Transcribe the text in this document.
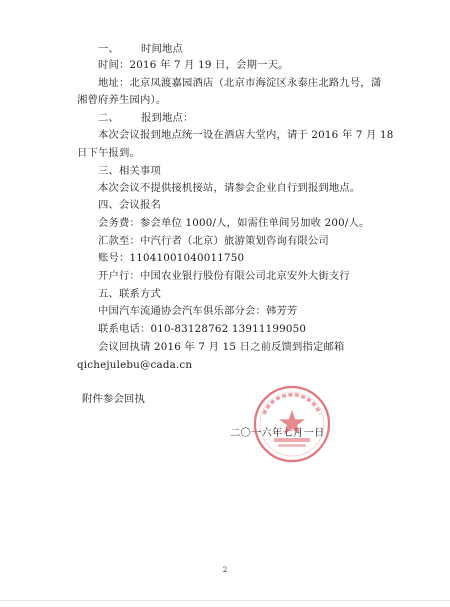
一、 时间地点

时间：2016 年 7 月 19 日，会期一天。

地址：北京凤渡嘉园酒店（北京市海淀区永泰庄北路九号，潇

湘曾府养生园内）。

二、 报到地点：

本次会议报到地点统一设在酒店大堂内，请于 2016 年 7 月 18

日下午报到。

三、相关事项

本次会议不提供接机接站，请参会企业自行到报到地点。

四、会议报名

会务费：参会单位 1000/人，如需住单间另加收 200/人。

汇款至：中汽行者（北京）旅游策划咨询有限公司

账号：11041001040011750

开户行：中国农业银行股份有限公司北京安外大街支行

五、联系方式

中国汽车流通协会汽车俱乐部分会：韩芳芳

联系电话：010-83128762 13911199050

会议回执请 2016 年 7 月 15 日之前反馈到指定邮箱

qichejulebu@cada.cn

附件参会回执

二〇一六年七月一日

2
